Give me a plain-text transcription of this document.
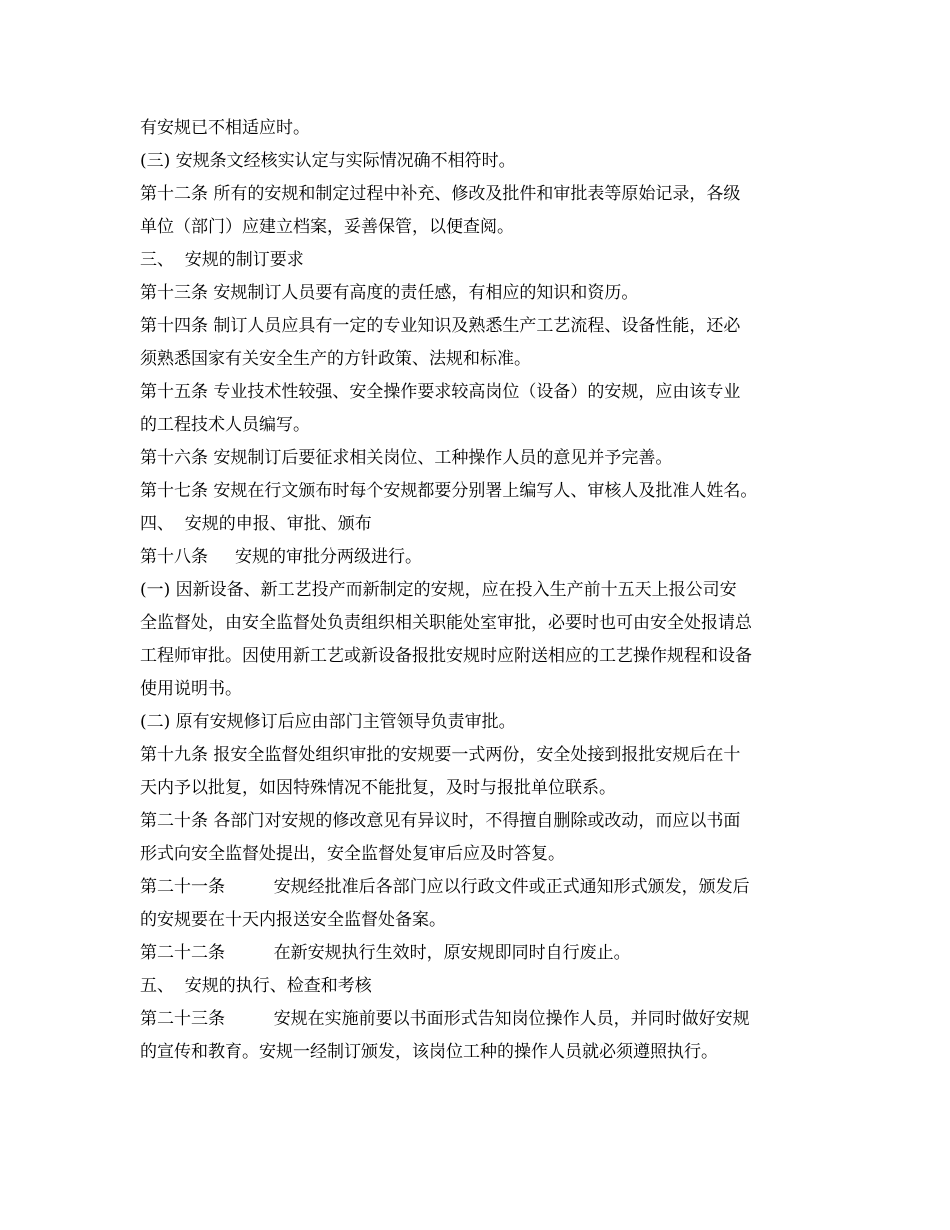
有安规已不相适应时。
(三) 安规条文经核实认定与实际情况确不相符时。
第十二条 所有的安规和制定过程中补充、修改及批件和审批表等原始记录，各级
单位（部门）应建立档案，妥善保管，以便查阅。
三、  安规的制订要求
第十三条 安规制订人员要有高度的责任感，有相应的知识和资历。
第十四条 制订人员应具有一定的专业知识及熟悉生产工艺流程、设备性能，还必
须熟悉国家有关安全生产的方针政策、法规和标准。
第十五条 专业技术性较强、安全操作要求较高岗位（设备）的安规，应由该专业
的工程技术人员编写。
第十六条 安规制订后要征求相关岗位、工种操作人员的意见并予完善。
第十七条 安规在行文颁布时每个安规都要分别署上编写人、审核人及批准人姓名。
四、  安规的申报、审批、颁布
第十八条     安规的审批分两级进行。
(一) 因新设备、新工艺投产而新制定的安规，应在投入生产前十五天上报公司安
全监督处，由安全监督处负责组织相关职能处室审批，必要时也可由安全处报请总
工程师审批。因使用新工艺或新设备报批安规时应附送相应的工艺操作规程和设备
使用说明书。
(二) 原有安规修订后应由部门主管领导负责审批。
第十九条 报安全监督处组织审批的安规要一式两份，安全处接到报批安规后在十
天内予以批复，如因特殊情况不能批复，及时与报批单位联系。
第二十条 各部门对安规的修改意见有异议时，不得擅自删除或改动，而应以书面
形式向安全监督处提出，安全监督处复审后应及时答复。
第二十一条         安规经批准后各部门应以行政文件或正式通知形式颁发，颁发后
的安规要在十天内报送安全监督处备案。
第二十二条         在新安规执行生效时，原安规即同时自行废止。
五、  安规的执行、检查和考核
第二十三条         安规在实施前要以书面形式告知岗位操作人员，并同时做好安规
的宣传和教育。安规一经制订颁发，该岗位工种的操作人员就必须遵照执行。
